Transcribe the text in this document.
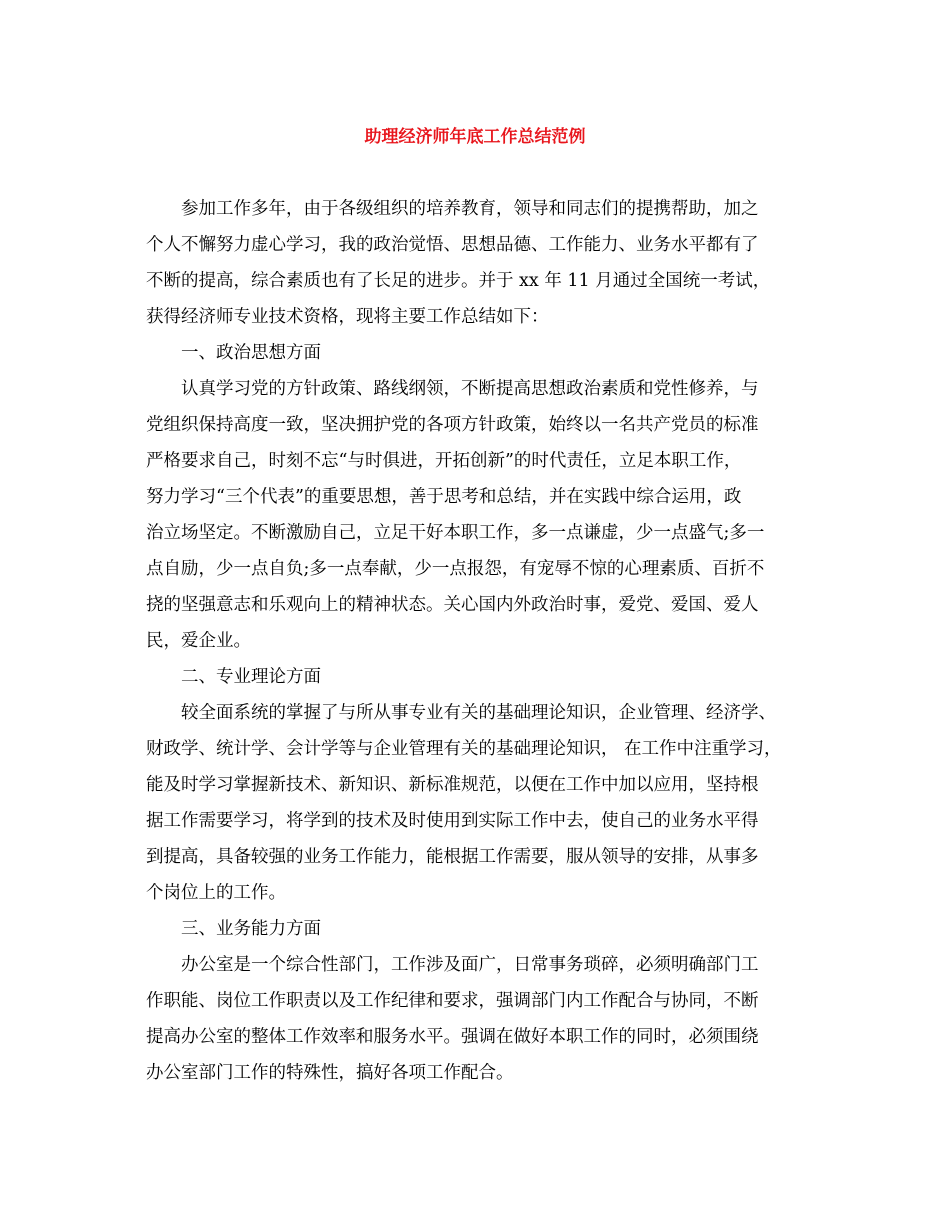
助理经济师年底工作总结范例
参加工作多年，由于各级组织的培养教育，领导和同志们的提携帮助，加之
个人不懈努力虚心学习，我的政治觉悟、思想品德、工作能力、业务水平都有了
不断的提高，综合素质也有了长足的进步。并于 xx 年 11 月通过全国统一考试，
获得经济师专业技术资格，现将主要工作总结如下：
一、政治思想方面
认真学习党的方针政策、路线纲领，不断提高思想政治素质和党性修养，与
党组织保持高度一致，坚决拥护党的各项方针政策，始终以一名共产党员的标准
严格要求自己，时刻不忘“与时俱进，开拓创新”的时代责任，立足本职工作，
努力学习“三个代表”的重要思想，善于思考和总结，并在实践中综合运用，政
治立场坚定。不断激励自己，立足干好本职工作，多一点谦虚，少一点盛气;多一
点自励，少一点自负;多一点奉献，少一点报怨，有宠辱不惊的心理素质、百折不
挠的坚强意志和乐观向上的精神状态。关心国内外政治时事，爱党、爱国、爱人
民，爱企业。
二、专业理论方面
较全面系统的掌握了与所从事专业有关的基础理论知识，企业管理、经济学、
财政学、统计学、会计学等与企业管理有关的基础理论知识， 在工作中注重学习，
能及时学习掌握新技术、新知识、新标准规范，以便在工作中加以应用，坚持根
据工作需要学习，将学到的技术及时使用到实际工作中去，使自己的业务水平得
到提高，具备较强的业务工作能力，能根据工作需要，服从领导的安排，从事多
个岗位上的工作。
三、业务能力方面
办公室是一个综合性部门，工作涉及面广，日常事务琐碎，必须明确部门工
作职能、岗位工作职责以及工作纪律和要求，强调部门内工作配合与协同，不断
提高办公室的整体工作效率和服务水平。强调在做好本职工作的同时，必须围绕
办公室部门工作的特殊性，搞好各项工作配合。
